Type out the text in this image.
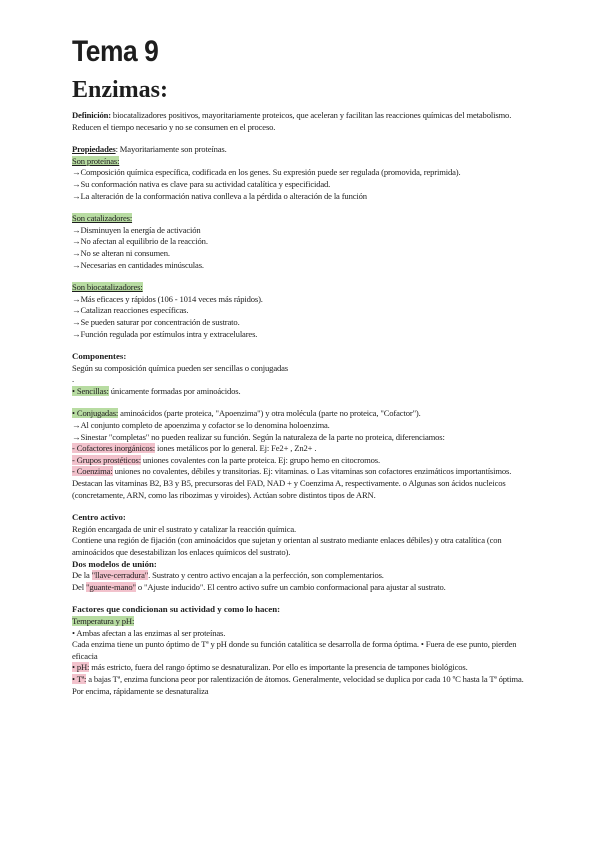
Tema 9
Enzimas:

Definición: biocatalizadores positivos, mayoritariamente proteicos, que aceleran y facilitan las reacciones químicas del metabolismo. Reducen el tiempo necesario y no se consumen en el proceso.

Propiedades: Mayoritariamente son proteínas.

Son proteínas:

→Composición química específica, codificada en los genes. Su expresión puede ser regulada (promovida, reprimida).

→Su conformación nativa es clave para su actividad catalítica y especificidad.

→La alteración de la conformación nativa conlleva a la pérdida o alteración de la función

Son catalizadores:

→Disminuyen la energía de activación

→No afectan al equilibrio de la reacción.

→No se alteran ni consumen.

→Necesarias en cantidades minúsculas.

Son biocatalizadores:

→Más eficaces y rápidos (106 - 1014 veces más rápidos).

→Catalizan reacciones específicas.

→Se pueden saturar por concentración de sustrato.

→Función regulada por estímulos intra y extracelulares.

Componentes:

Según su composición química pueden ser sencillas o conjugadas

.

• Sencillas: únicamente formadas por aminoácidos.

• Conjugadas: aminoácidos (parte proteica, "Apoenzima") y otra molécula (parte no proteica, "Cofactor").

→Al conjunto completo de apoenzima y cofactor se lo denomina holoenzima.

→Sinestar "completas" no pueden realizar su función. Según la naturaleza de la parte no proteica, diferenciamos:

- Cofactores inorgánicos: iones metálicos por lo general. Ej: Fe2+ , Zn2+ .

- Grupos prostéticos: uniones covalentes con la parte proteica. Ej: grupo hemo en citocromos.

- Coenzima: uniones no covalentes, débiles y transitorias. Ej: vitaminas. o Las vitaminas son cofactores enzimáticos importantísimos. Destacan las vitaminas B2, B3 y B5, precursoras del FAD, NAD + y Coenzima A, respectivamente. o Algunas son ácidos nucleicos (concretamente, ARN, como las ribozimas y viroides). Actúan sobre distintos tipos de ARN.

Centro activo:

Región encargada de unir el sustrato y catalizar la reacción química.

Contiene una región de fijación (con aminoácidos que sujetan y orientan al sustrato mediante enlaces débiles) y otra catalítica (con aminoácidos que desestabilizan los enlaces químicos del sustrato).

Dos modelos de unión:

De la "llave-cerradura". Sustrato y centro activo encajan a la perfección, son complementarios.

Del "guante-mano" o "Ajuste inducido". El centro activo sufre un cambio conformacional para ajustar al sustrato.

Factores que condicionan su actividad y como lo hacen:

Temperatura y pH:

• Ambas afectan a las enzimas al ser proteínas.

Cada enzima tiene un punto óptimo de Tª y pH donde su función catalítica se desarrolla de forma óptima. • Fuera de ese punto, pierden eficacia

• pH: más estricto, fuera del rango óptimo se desnaturalizan. Por ello es importante la presencia de tampones biológicos.

• Tª: a bajas Tª, enzima funciona peor por ralentización de átomos. Generalmente, velocidad se duplica por cada 10 ºC hasta la Tª óptima. Por encima, rápidamente se desnaturaliza
